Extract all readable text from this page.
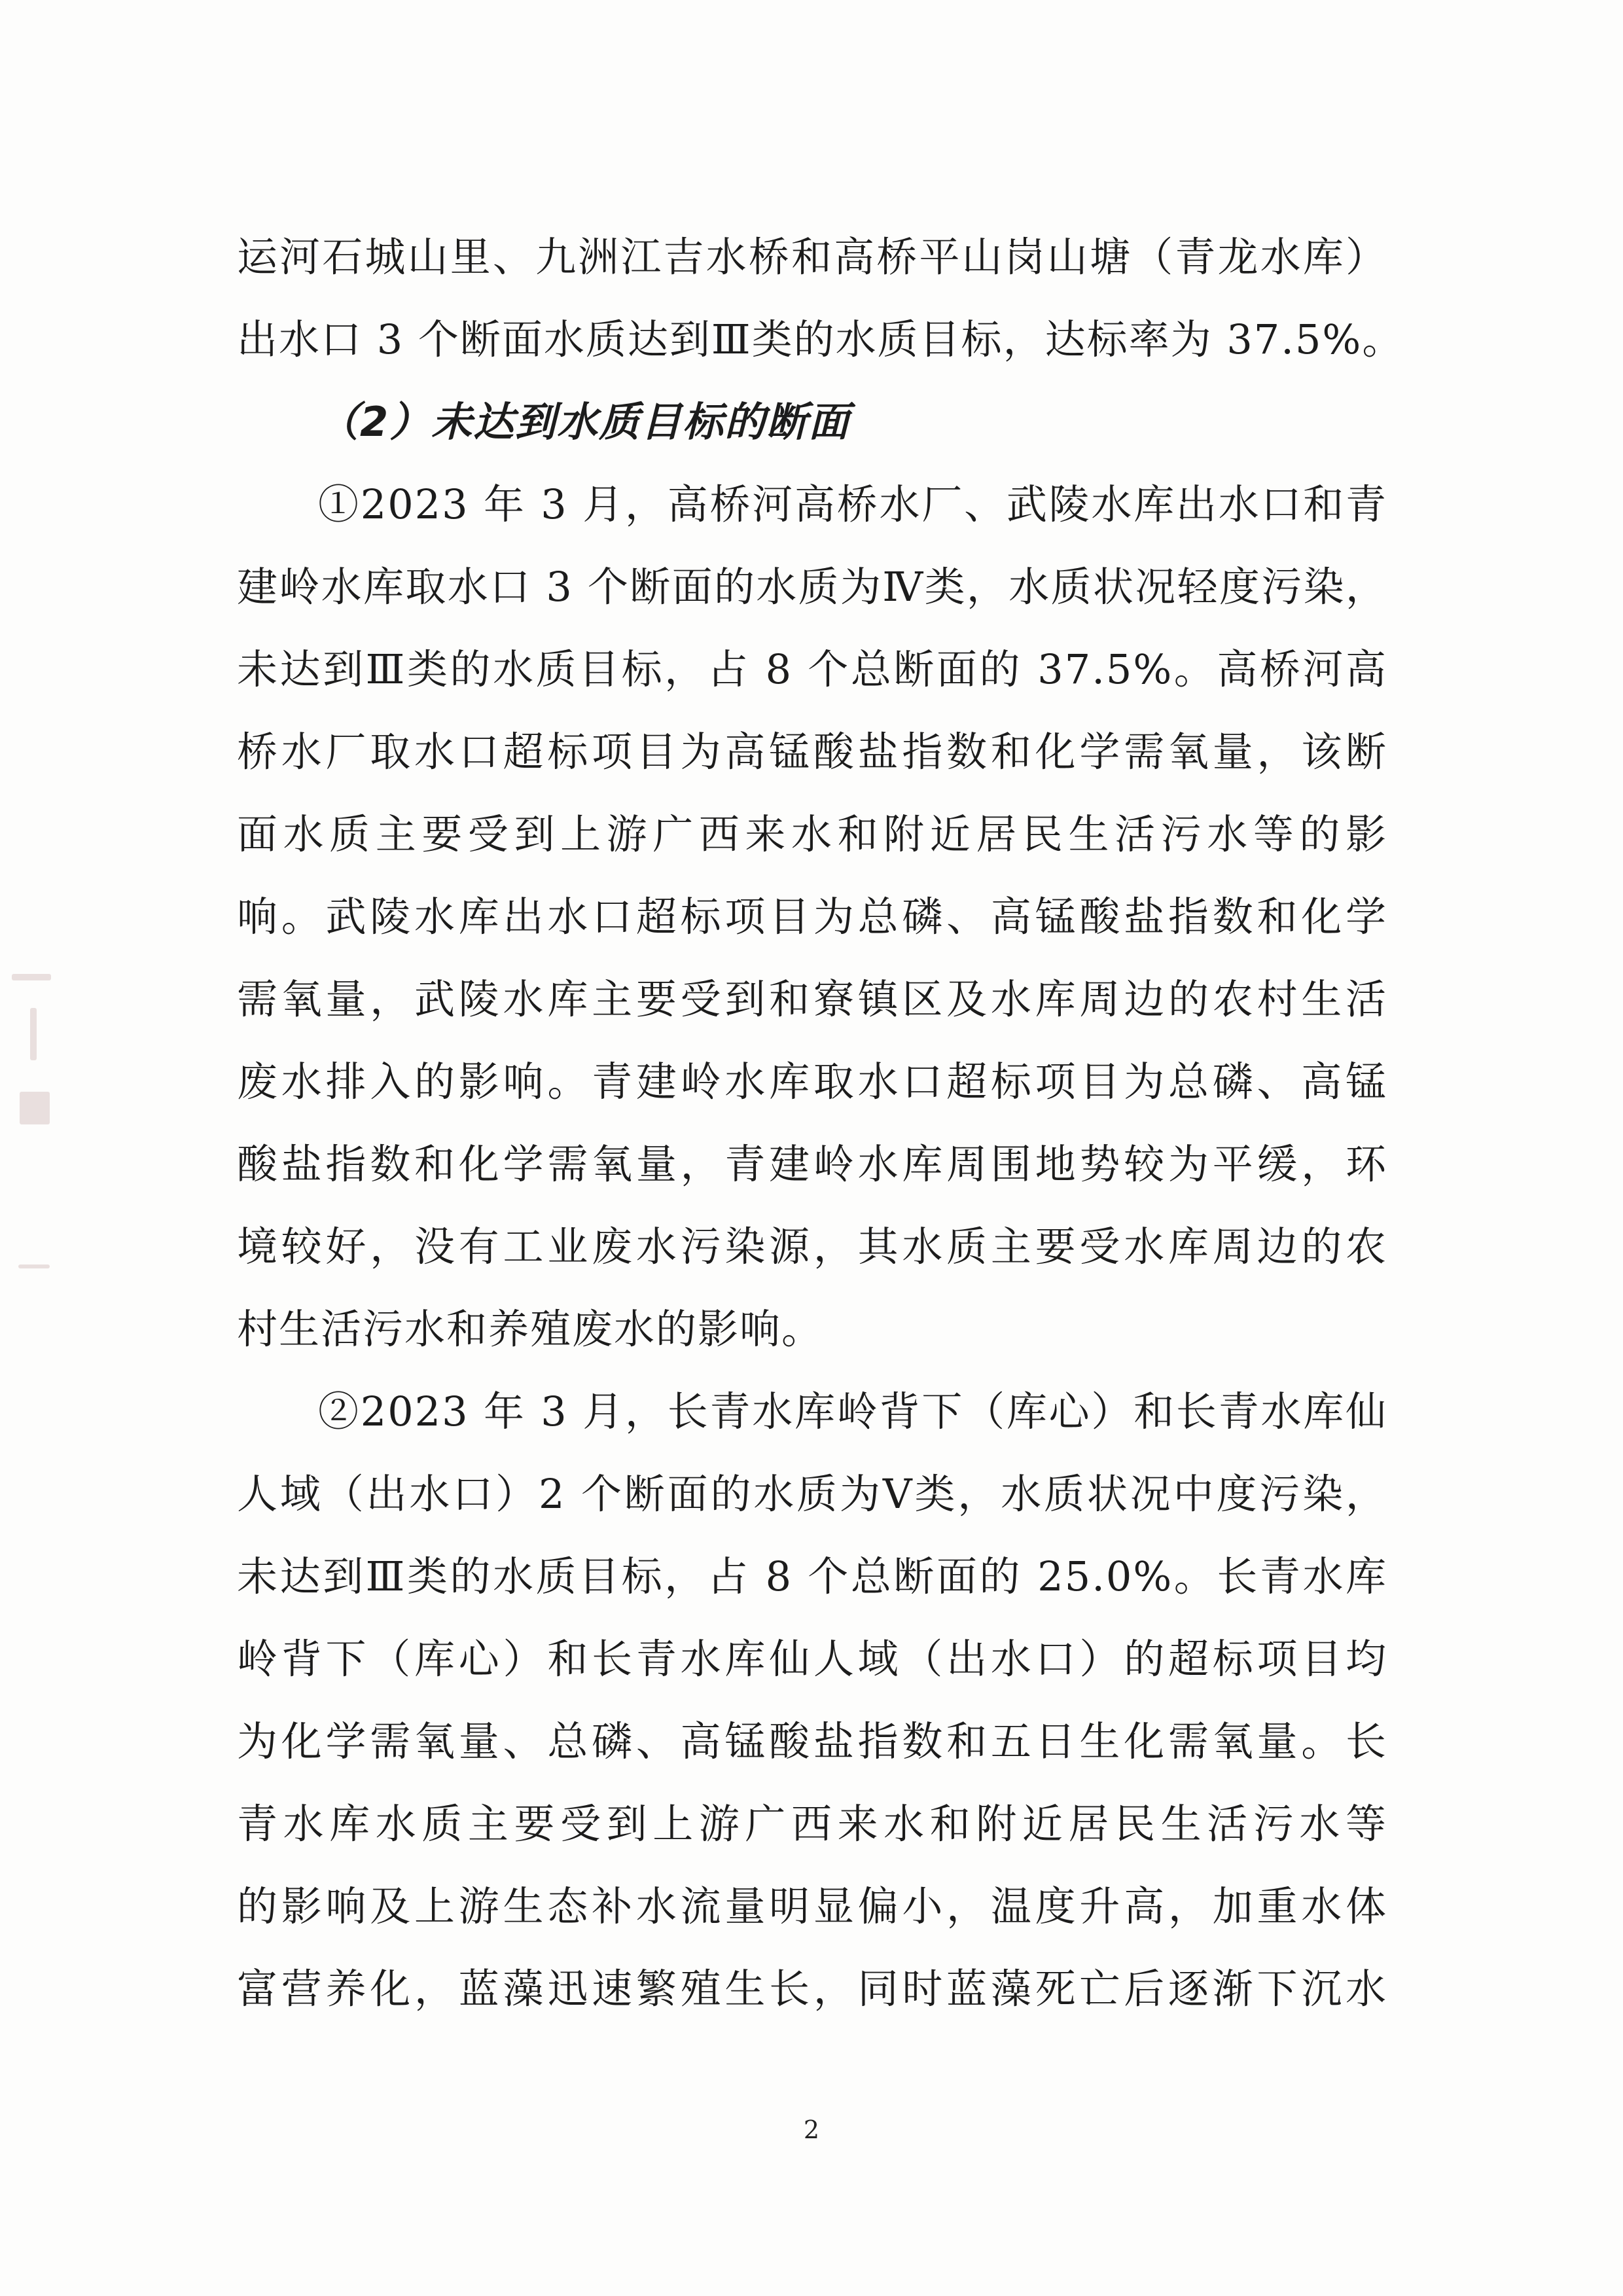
运河石城山里、九洲江吉水桥和高桥平山岗山塘（青龙水库）
出水口 3 个断面水质达到Ⅲ类的水质目标，达标率为 37.5%。
（2）未达到水质目标的断面
①2023 年 3 月，高桥河高桥水厂、武陵水库出水口和青
建岭水库取水口 3 个断面的水质为Ⅳ类，水质状况轻度污染，
未达到Ⅲ类的水质目标，占 8 个总断面的 37.5%。高桥河高
桥水厂取水口超标项目为高锰酸盐指数和化学需氧量，该断
面水质主要受到上游广西来水和附近居民生活污水等的影
响。武陵水库出水口超标项目为总磷、高锰酸盐指数和化学
需氧量，武陵水库主要受到和寮镇区及水库周边的农村生活
废水排入的影响。青建岭水库取水口超标项目为总磷、高锰
酸盐指数和化学需氧量，青建岭水库周围地势较为平缓，环
境较好，没有工业废水污染源，其水质主要受水库周边的农
村生活污水和养殖废水的影响。
②2023 年 3 月，长青水库岭背下（库心）和长青水库仙
人域（出水口）2 个断面的水质为Ⅴ类，水质状况中度污染，
未达到Ⅲ类的水质目标，占 8 个总断面的 25.0%。长青水库
岭背下（库心）和长青水库仙人域（出水口）的超标项目均
为化学需氧量、总磷、高锰酸盐指数和五日生化需氧量。长
青水库水质主要受到上游广西来水和附近居民生活污水等
的影响及上游生态补水流量明显偏小，温度升高，加重水体
富营养化，蓝藻迅速繁殖生长，同时蓝藻死亡后逐渐下沉水
2
